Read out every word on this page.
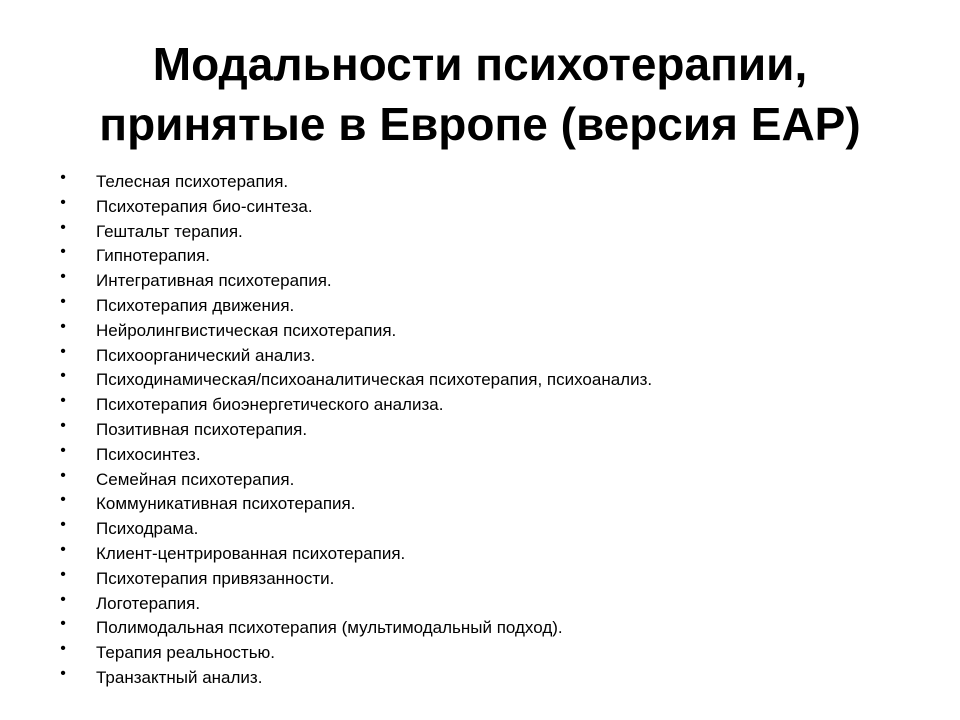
Модальности психотерапии,
принятые в Европе (версия ЕАР)
• Телесная психотерапия.
• Психотерапия био-синтеза.
• Гештальт терапия.
• Гипнотерапия.
• Интегративная психотерапия.
• Психотерапия движения.
• Нейролингвистическая психотерапия.
• Психоорганический анализ.
• Психодинамическая/психоаналитическая психотерапия, психоанализ.
• Психотерапия биоэнергетического анализа.
• Позитивная психотерапия.
• Психосинтез.
• Семейная психотерапия.
• Коммуникативная психотерапия.
• Психодрама.
• Клиент-центрированная психотерапия.
• Психотерапия привязанности.
• Логотерапия.
• Полимодальная психотерапия (мультимодальный подход).
• Терапия реальностью.
• Транзактный анализ.
